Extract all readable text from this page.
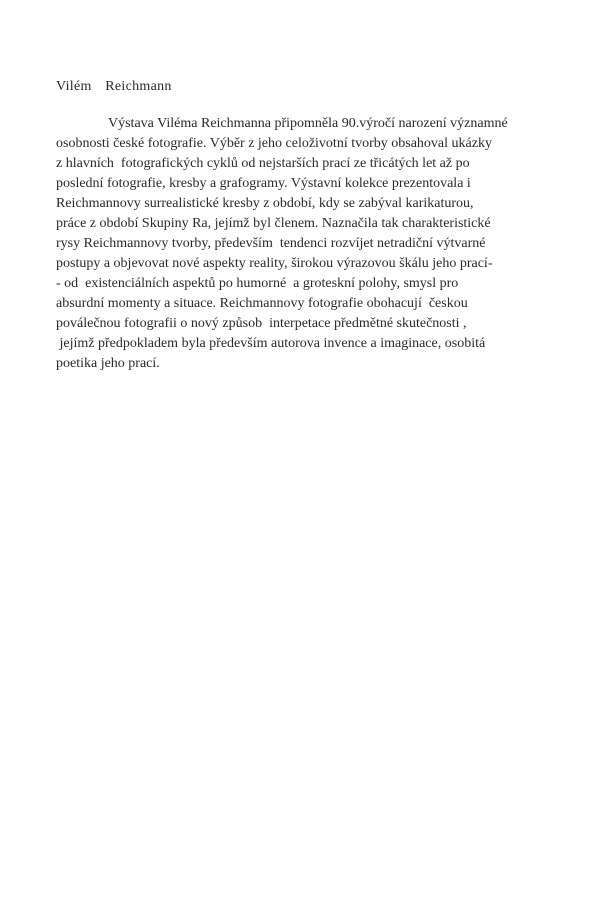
Vilém  Reichmann
Výstava Viléma Reichmanna připomněla 90.výročí narození významné
osobnosti české fotografie. Výběr z jeho celoživotní tvorby obsahoval ukázky
z hlavních  fotografických cyklů od nejstarších prací ze třicátých let až po
poslední fotografie, kresby a grafogramy. Výstavní kolekce prezentovala i
Reichmannovy surrealistické kresby z období, kdy se zabýval karikaturou,
práce z období Skupiny Ra, jejímž byl členem. Naznačila tak charakteristické
rysy Reichmannovy tvorby, především  tendenci rozvíjet netradiční výtvarné
postupy a objevovat nové aspekty reality, širokou výrazovou škálu jeho prací-
- od  existenciálních aspektů po humorné  a groteskní polohy, smysl pro
absurdní momenty a situace. Reichmannovy fotografie obohacují  českou
poválečnou fotografii o nový způsob  interpetace předmětné skutečnosti ,
jejímž předpokladem byla především autorova invence a imaginace, osobitá
poetika jeho prací.
